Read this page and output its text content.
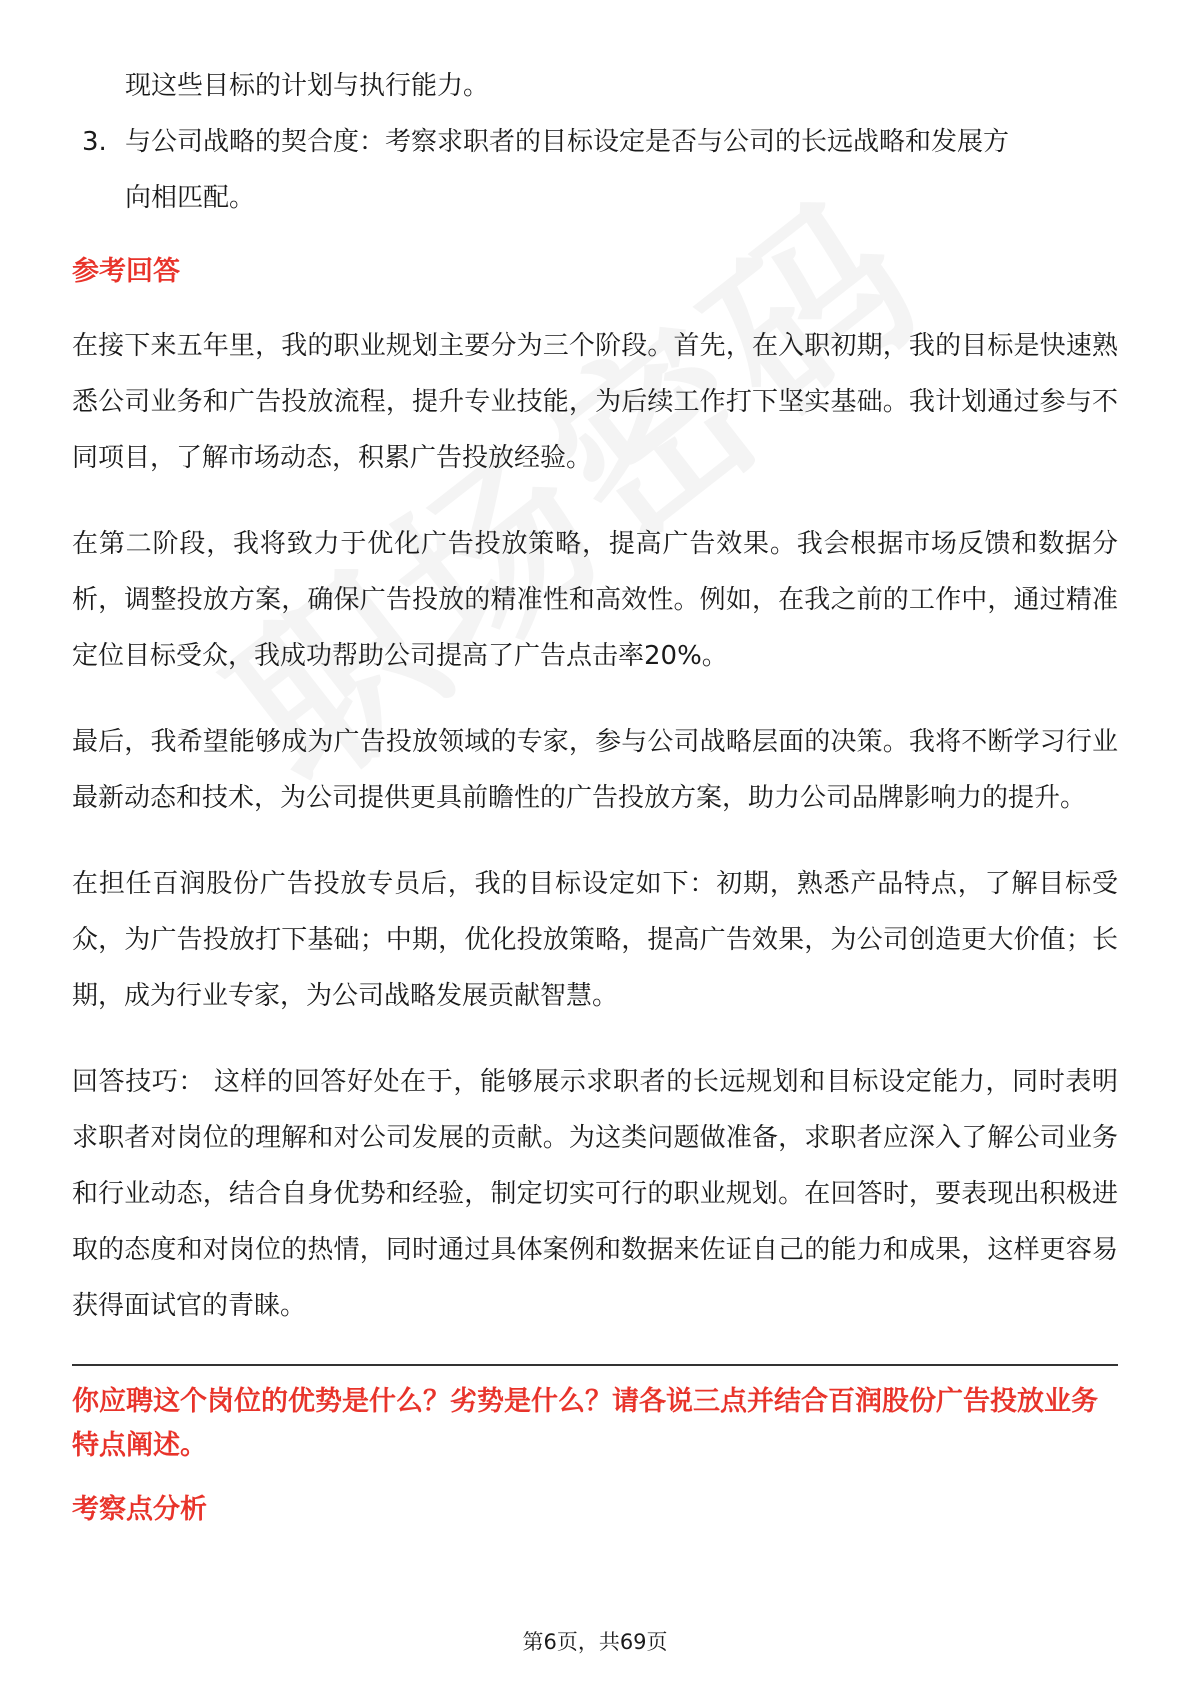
现这些目标的计划与执行能力。

3. 与公司战略的契合度：考察求职者的目标设定是否与公司的长远战略和发展方
向相匹配。
参考回答

在接下来五年里，我的职业规划主要分为三个阶段。首先，在入职初期，我的目标是快速熟悉公司业务和广告投放流程，提升专业技能，为后续工作打下坚实基础。我计划通过参与不同项目，了解市场动态，积累广告投放经验。

在第二阶段，我将致力于优化广告投放策略，提高广告效果。我会根据市场反馈和数据分析，调整投放方案，确保广告投放的精准性和高效性。例如，在我之前的工作中，通过精准定位目标受众，我成功帮助公司提高了广告点击率20%。

最后，我希望能够成为广告投放领域的专家，参与公司战略层面的决策。我将不断学习行业最新动态和技术，为公司提供更具前瞻性的广告投放方案，助力公司品牌影响力的提升。

在担任百润股份广告投放专员后，我的目标设定如下：初期，熟悉产品特点，了解目标受众，为广告投放打下基础；中期，优化投放策略，提高广告效果，为公司创造更大价值；长期，成为行业专家，为公司战略发展贡献智慧。

回答技巧： 这样的回答好处在于，能够展示求职者的长远规划和目标设定能力，同时表明求职者对岗位的理解和对公司发展的贡献。为这类问题做准备，求职者应深入了解公司业务和行业动态，结合自身优势和经验，制定切实可行的职业规划。在回答时，要表现出积极进取的态度和对岗位的热情，同时通过具体案例和数据来佐证自己的能力和成果，这样更容易获得面试官的青睐。

你应聘这个岗位的优势是什么？劣势是什么？请各说三点并结合百润股份广告投放业务特点阐述。
考察点分析
第6页，共69页
